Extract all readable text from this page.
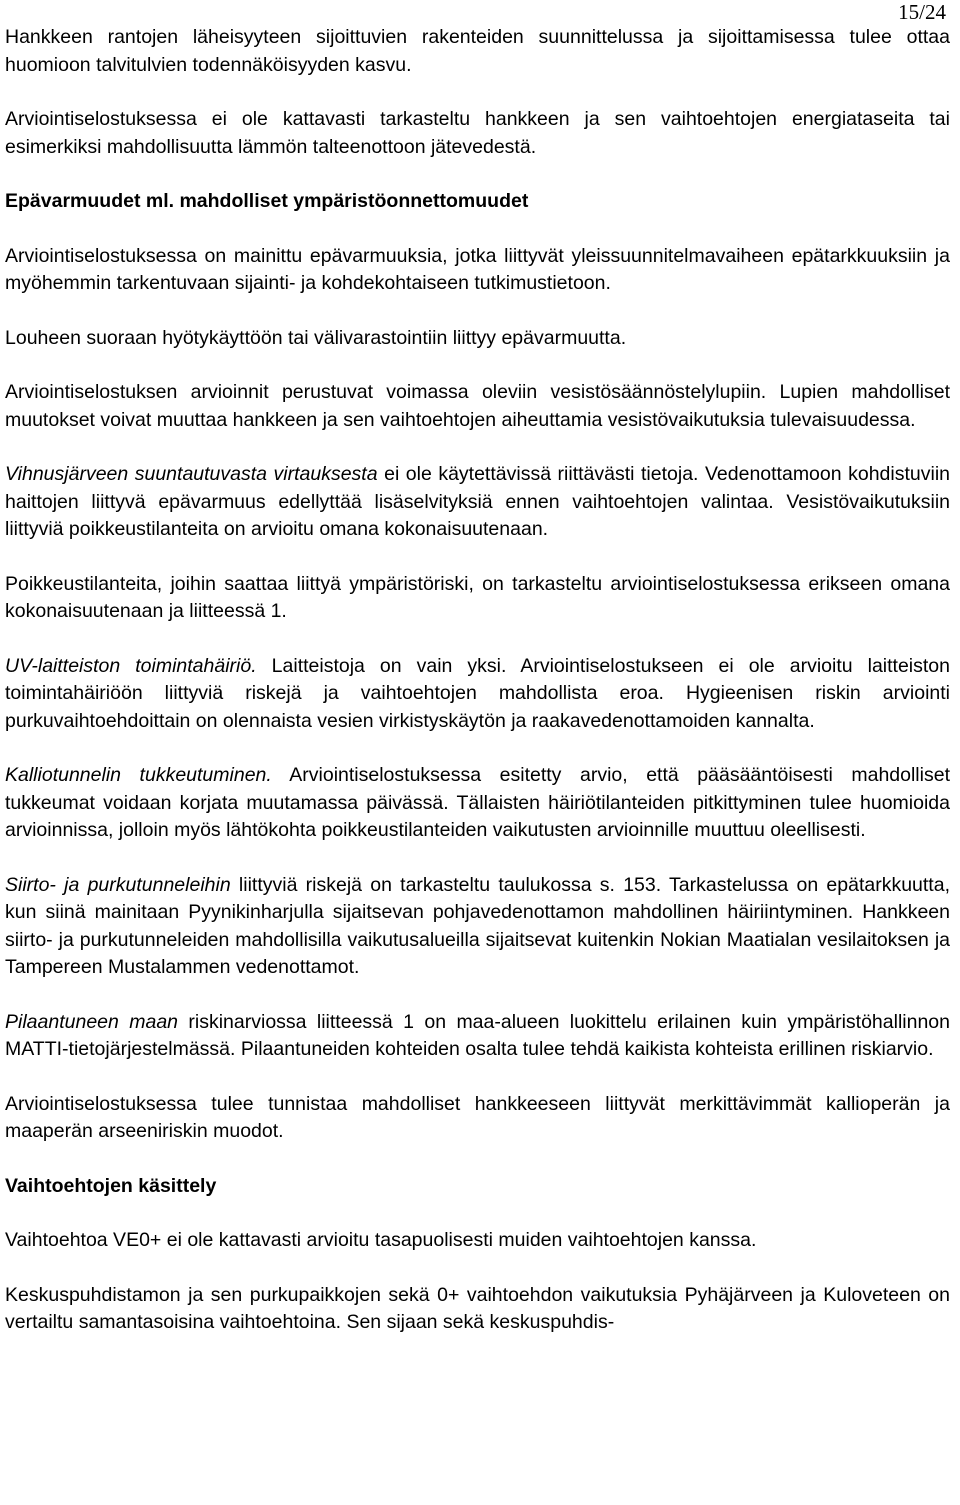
15/24

Hankkeen rantojen läheisyyteen sijoittuvien rakenteiden suunnittelussa ja sijoittamisessa tulee ottaa huomioon talvitulvien todennäköisyyden kasvu.

Arviointiselostuksessa ei ole kattavasti tarkasteltu hankkeen ja sen vaihtoehtojen energiataseita tai esimerkiksi mahdollisuutta lämmön talteenottoon jätevedestä.

Epävarmuudet ml. mahdolliset ympäristöonnettomuudet

Arviointiselostuksessa on mainittu epävarmuuksia, jotka liittyvät yleissuunnitelmavaiheen epätarkkuuksiin ja myöhemmin tarkentuvaan sijainti- ja kohdekohtaiseen tutkimustietoon.

Louheen suoraan hyötykäyttöön tai välivarastointiin liittyy epävarmuutta.

Arviointiselostuksen arvioinnit perustuvat voimassa oleviin vesistösäännöstelylupiin. Lupien mahdolliset muutokset voivat muuttaa hankkeen ja sen vaihtoehtojen aiheuttamia vesistövaikutuksia tulevaisuudessa.

Vihnusjärveen suuntautuvasta virtauksesta ei ole käytettävissä riittävästi tietoja. Vedenottamoon kohdistuviin haittojen liittyvä epävarmuus edellyttää lisäselvityksiä ennen vaihtoehtojen valintaa. Vesistövaikutuksiin liittyviä poikkeustilanteita on arvioitu omana kokonaisuutenaan.

Poikkeustilanteita, joihin saattaa liittyä ympäristöriski, on tarkasteltu arviointiselostuksessa erikseen omana kokonaisuutenaan ja liitteessä 1.

UV-laitteiston toimintahäiriö. Laitteistoja on vain yksi. Arviointiselostukseen ei ole arvioitu laitteiston toimintahäiriöön liittyviä riskejä ja vaihtoehtojen mahdollista eroa. Hygieenisen riskin arviointi purkuvaihtoehdoittain on olennaista vesien virkistyskäytön ja raakavedenottamoiden kannalta.

Kalliotunnelin tukkeutuminen. Arviointiselostuksessa esitetty arvio, että pääsääntöisesti mahdolliset tukkeumat voidaan korjata muutamassa päivässä. Tällaisten häiriötilanteiden pitkittyminen tulee huomioida arvioinnissa, jolloin myös lähtökohta poikkeustilanteiden vaikutusten arvioinnille muuttuu oleellisesti.

Siirto- ja purkutunneleihin liittyviä riskejä on tarkasteltu taulukossa s. 153. Tarkastelussa on epätarkkuutta, kun siinä mainitaan Pyynikinharjulla sijaitsevan pohjavedenottamon mahdollinen häiriintyminen. Hankkeen siirto- ja purkutunneleiden mahdollisilla vaikutusalueilla sijaitsevat kuitenkin Nokian Maatialan vesilaitoksen ja Tampereen Mustalammen vedenottamot.

Pilaantuneen maan riskinarviossa liitteessä 1 on maa-alueen luokittelu erilainen kuin ympäristöhallinnon MATTI-tietojärjestelmässä. Pilaantuneiden kohteiden osalta tulee tehdä kaikista kohteista erillinen riskiarvio.

Arviointiselostuksessa tulee tunnistaa mahdolliset hankkeeseen liittyvät merkittävimmät kallioperän ja maaperän arseeniriskin muodot.

Vaihtoehtojen käsittely

Vaihtoehtoa VE0+ ei ole kattavasti arvioitu tasapuolisesti muiden vaihtoehtojen kanssa.

Keskuspuhdistamon ja sen purkupaikkojen sekä 0+ vaihtoehdon vaikutuksia Pyhäjärveen ja Kuloveteen on vertailtu samantasoisina vaihtoehtoina. Sen sijaan sekä keskuspuhdis-
